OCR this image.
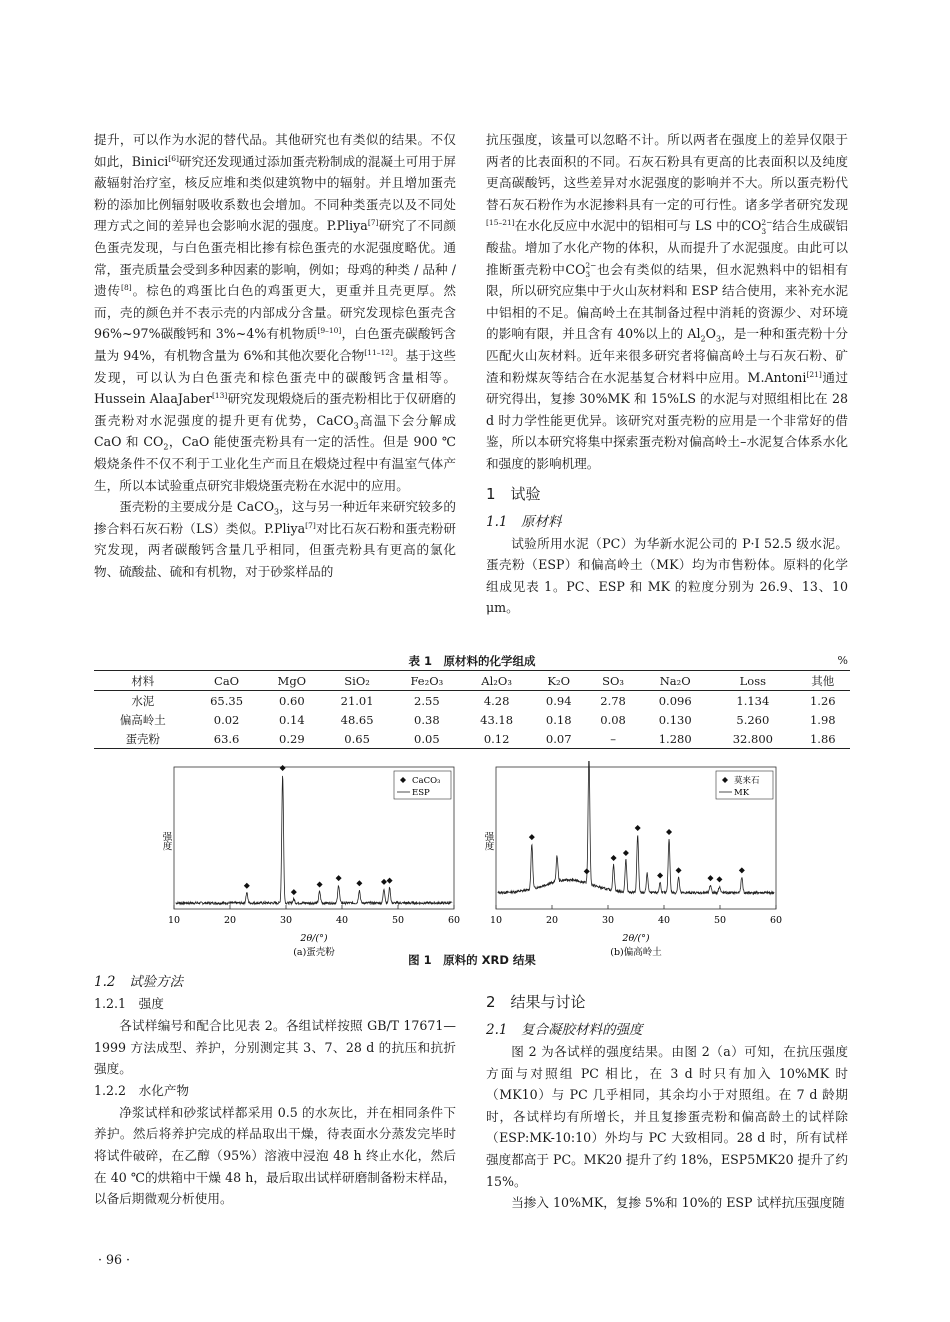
提升，可以作为水泥的替代品。其他研究也有类似的结果。不仅如此，Binici[6]研究还发现通过添加蛋壳粉制成的混凝土可用于屏蔽辐射治疗室，核反应堆和类似建筑物中的辐射。并且增加蛋壳粉的添加比例辐射吸收系数也会增加。不同种类蛋壳以及不同处理方式之间的差异也会影响水泥的强度。P.Pliya[7]研究了不同颜色蛋壳发现，与白色蛋壳相比掺有棕色蛋壳的水泥强度略优。通常，蛋壳质量会受到多种因素的影响，例如；母鸡的种类 / 品种 / 遗传[8]。棕色的鸡蛋比白色的鸡蛋更大，更重并且壳更厚。然而，壳的颜色并不表示壳的内部成分含量。研究发现棕色蛋壳含96%~97%碳酸钙和 3%~4%有机物质[9–10]，白色蛋壳碳酸钙含量为 94%，有机物含量为 6%和其他次要化合物[11–12]。基于这些发现，可以认为白色蛋壳和棕色蛋壳中的碳酸钙含量相等。Hussein AlaaJaber[13]研究发现煅烧后的蛋壳粉相比于仅研磨的蛋壳粉对水泥强度的提升更有优势，CaCO$_3$高温下会分解成 CaO 和 $CO_2$，CaO 能使蛋壳粉具有一定的活性。但是 900 ℃煅烧条件不仅不利于工业化生产而且在煅烧过程中有温室气体产生，所以本试验重点研究非煅烧蛋壳粉在水泥中的应用。

蛋壳粉的主要成分是 CaCO$_3$，这与另一种近年来研究较多的掺合料石灰石粉（LS）类似。P.Pliya[7]对比石灰石粉和蛋壳粉研究发现，两者碳酸钙含量几乎相同，但蛋壳粉具有更高的氯化物、硫酸盐、硫和有机物，对于砂浆样品的

抗压强度，该量可以忽略不计。所以两者在强度上的差异仅限于两者的比表面积的不同。石灰石粉具有更高的比表面积以及纯度更高碳酸钙，这些差异对水泥强度的影响并不大。所以蛋壳粉代替石灰石粉作为水泥掺料具有一定的可行性。诸多学者研究发现[15–21]在水化反应中水泥中的铝相可与 LS 中的CO 2−
3 结合生成碳铝酸盐。增加了水化产物的体积，从而提升了水泥强度。由此可以推断蛋壳粉中CO 2−
3 也会有类似的结果，但水泥熟料中的铝相有限，所以研究应集中于火山灰材料和 ESP 结合使用，来补充水泥中铝相的不足。偏高岭土在其制备过程中消耗的资源少、对环境的影响有限，并且含有 40%以上的 $Al_2O_3$，是一种和蛋壳粉十分匹配火山灰材料。近年来很多研究者将偏高岭土与石灰石粉、矿渣和粉煤灰等结合在水泥基复合材料中应用。M.Antoni[21]通过研究得出，复掺 30%MK 和 15%LS 的水泥与对照组相比在 28 d 时力学性能更优异。该研究对蛋壳粉的应用是一个非常好的借鉴，所以本研究将集中探索蛋壳粉对偏高岭土–水泥复合体系水化和强度的影响机理。

1　试验

1.1　原材料

试验所用水泥（PC）为华新水泥公司的 P·I 52.5 级水泥。蛋壳粉（ESP）和偏高岭土（MK）均为市售粉体。原料的化学组成见表 1。PC、ESP 和 MK 的粒度分别为 26.9、13、10 μm。

表 1　原材料的化学组成	%
材料	CaO	MgO	SiO₂	Fe₂O₃	Al₂O₃	K₂O	SO₃	Na₂O	Loss	其他
水泥	65.35	0.60	21.01	2.55	4.28	0.94	2.78	0.096	1.134	1.26
偏高岭土	0.02	0.14	48.65	0.38	43.18	0.18	0.08	0.130	5.260	1.98
蛋壳粉	63.6	0.29	0.65	0.05	0.12	0.07	–	1.280	32.800	1.86
强度
10	20	30	40	50	60
2θ/(°)
(a)蛋壳粉
CaCO₃
ESP
强度
10	20	30	40	50	60
2θ/(°)
(b)偏高岭土
莫来石
MK
图 1　原料的 XRD 结果

1.2　试验方法

1.2.1　强度

各试样编号和配合比见表 2。各组试样按照 GB/T 17671—1999 方法成型、养护，分别测定其 3、7、28 d 的抗压和抗折强度。

1.2.2　水化产物

净浆试样和砂浆试样都采用 0.5 的水灰比，并在相同条件下养护。然后将养护完成的样品取出干燥，待表面水分蒸发完毕时将试件破碎，在乙醇（95%）溶液中浸泡 48 h 终止水化，然后在 40 ℃的烘箱中干燥 48 h，最后取出试样研磨制备粉末样品，以备后期微观分析使用。

2　结果与讨论

2.1　复合凝胶材料的强度

图 2 为各试样的强度结果。由图 2（a）可知，在抗压强度方面与对照组 PC 相比，在 3 d 时只有加入 10%MK 时（MK10）与 PC 几乎相同，其余均小于对照组。在 7 d 龄期时，各试样均有所增长，并且复掺蛋壳粉和偏高龄土的试样除（ESP:MK-10:10）外均与 PC 大致相同。28 d 时，所有试样强度都高于 PC。MK20 提升了约 18%，ESP5MK20 提升了约 15%。

当掺入 10%MK，复掺 5%和 10%的 ESP 试样抗压强度随

· 96 ·
